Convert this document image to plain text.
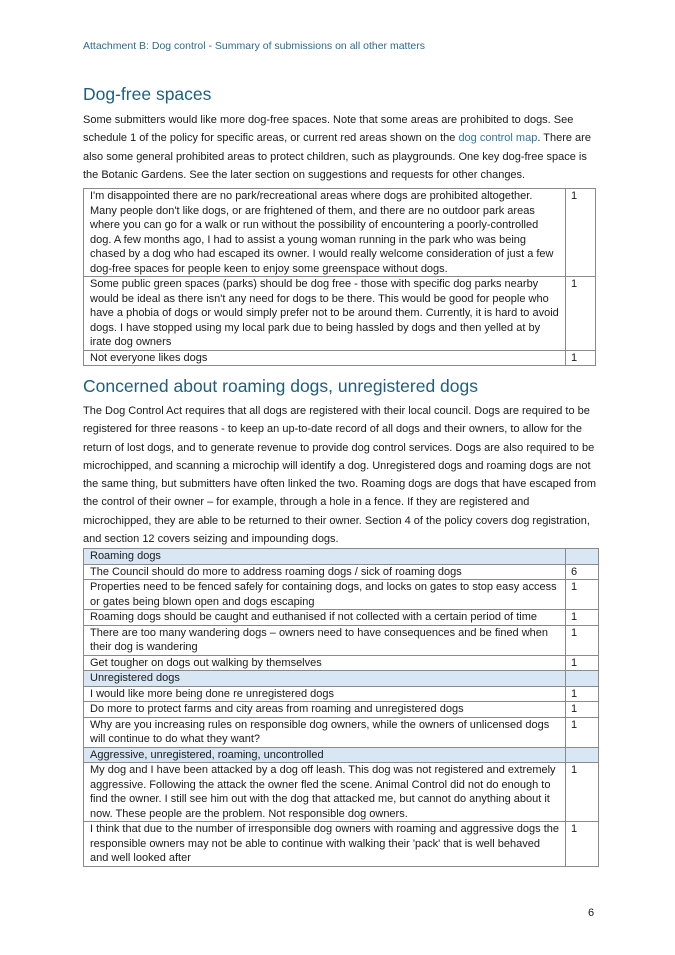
Attachment B: Dog control - Summary of submissions on all other matters
Dog-free spaces

Some submitters would like more dog-free spaces. Note that some areas are prohibited to dogs. See schedule 1 of the policy for specific areas, or current red areas shown on the dog control map. There are also some general prohibited areas to protect children, such as playgrounds. One key dog-free space is the Botanic Gardens. See the later section on suggestions and requests for other changes.

I'm disappointed there are no park/recreational areas where dogs are prohibited altogether. Many people don't like dogs, or are frightened of them, and there are no outdoor park areas where you can go for a walk or run without the possibility of encountering a poorly-controlled dog. A few months ago, I had to assist a young woman running in the park who was being chased by a dog who had escaped its owner. I would really welcome consideration of just a few dog-free spaces for people keen to enjoy some greenspace without dogs.	1
Some public green spaces (parks) should be dog free - those with specific dog parks nearby would be ideal as there isn't any need for dogs to be there. This would be good for people who have a phobia of dogs or would simply prefer not to be around them. Currently, it is hard to avoid dogs. I have stopped using my local park due to being hassled by dogs and then yelled at by irate dog owners	1
Not everyone likes dogs	1
Concerned about roaming dogs, unregistered dogs

The Dog Control Act requires that all dogs are registered with their local council. Dogs are required to be registered for three reasons - to keep an up-to-date record of all dogs and their owners, to allow for the return of lost dogs, and to generate revenue to provide dog control services. Dogs are also required to be microchipped, and scanning a microchip will identify a dog. Unregistered dogs and roaming dogs are not the same thing, but submitters have often linked the two. Roaming dogs are dogs that have escaped from the control of their owner – for example, through a hole in a fence. If they are registered and microchipped, they are able to be returned to their owner. Section 4 of the policy covers dog registration, and section 12 covers seizing and impounding dogs.

Roaming dogs	
The Council should do more to address roaming dogs / sick of roaming dogs	6
Properties need to be fenced safely for containing dogs, and locks on gates to stop easy access or gates being blown open and dogs escaping	1
Roaming dogs should be caught and euthanised if not collected with a certain period of time	1
There are too many wandering dogs – owners need to have consequences and be fined when their dog is wandering	1
Get tougher on dogs out walking by themselves	1
Unregistered dogs	
I would like more being done re unregistered dogs	1
Do more to protect farms and city areas from roaming and unregistered dogs	1
Why are you increasing rules on responsible dog owners, while the owners of unlicensed dogs will continue to do what they want?	1
Aggressive, unregistered, roaming, uncontrolled	
My dog and I have been attacked by a dog off leash. This dog was not registered and extremely aggressive. Following the attack the owner fled the scene. Animal Control did not do enough to find the owner. I still see him out with the dog that attacked me, but cannot do anything about it now. These people are the problem. Not responsible dog owners.	1
I think that due to the number of irresponsible dog owners with roaming and aggressive dogs the responsible owners may not be able to continue with walking their 'pack' that is well behaved and well looked after	1
6
